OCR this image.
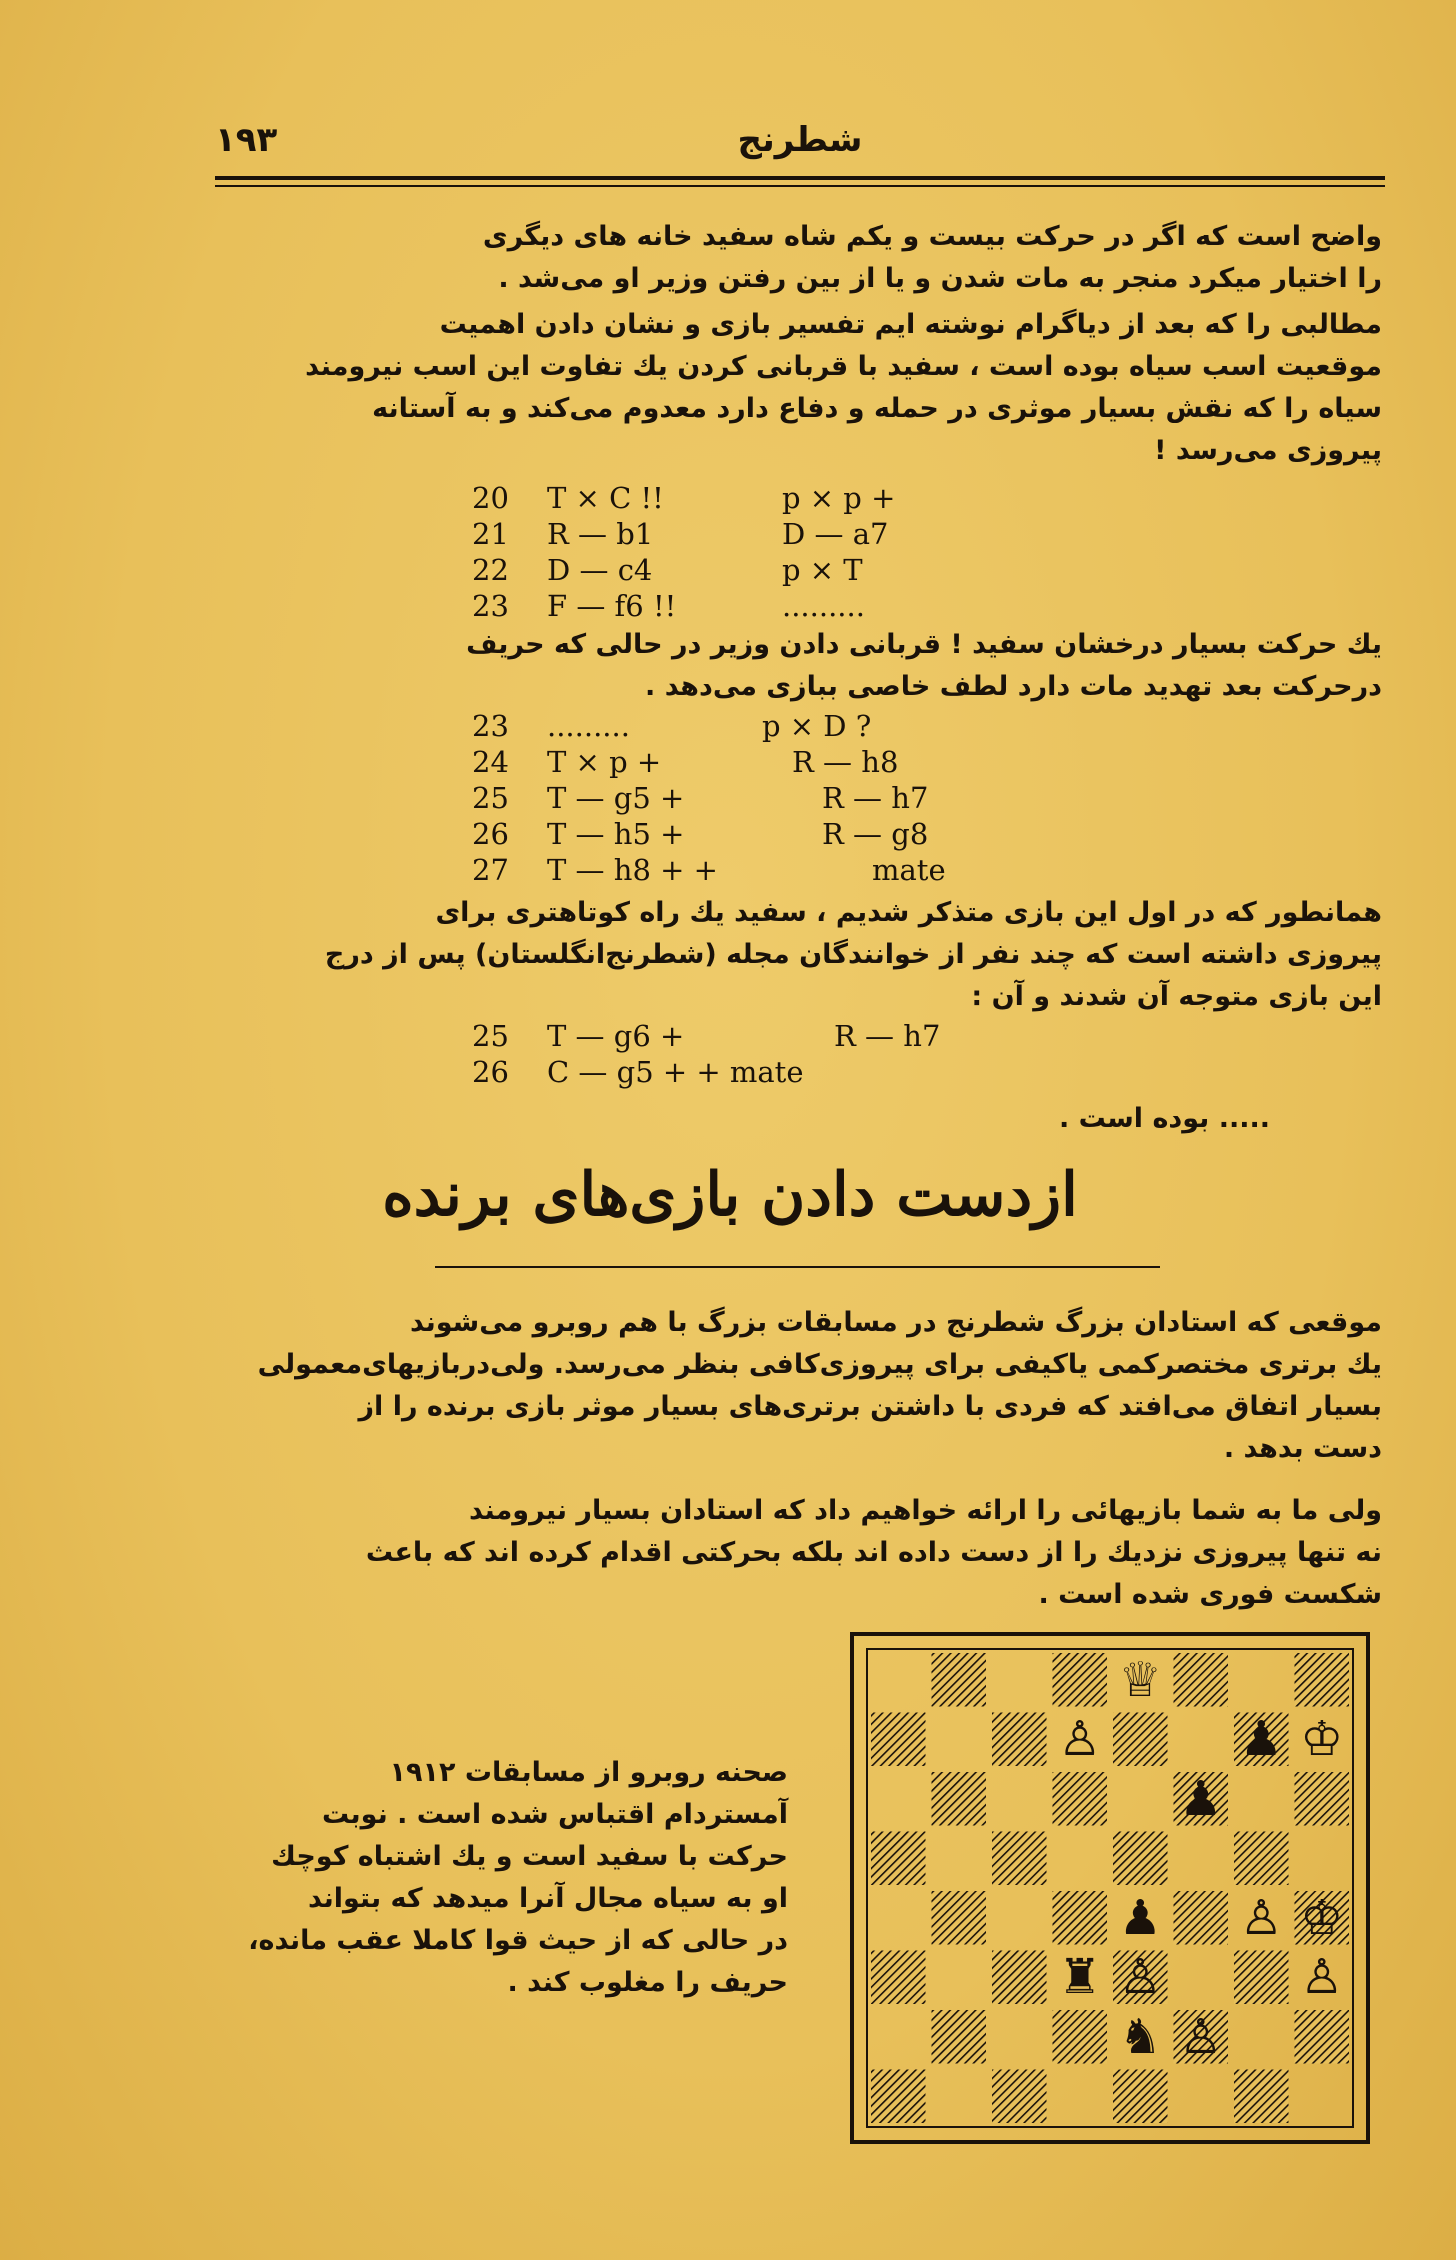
شطرنج
۱۹۳
واضح است که اگر در حرکت بیست و یکم شاه سفید خانه های دیگری
را اختیار میکرد منجر به مات شدن و یا از بین رفتن وزیر او می‌شد .
مطالبی را که بعد از دیاگرام نوشته ایم تفسیر بازی و نشان دادن اهمیت
موقعیت اسب سیاه بوده است ، سفید با قربانی کردن یك تفاوت این اسب نیرومند
سیاه را که نقش بسیار موثری در حمله و دفاع دارد معدوم می‌کند و به آستانه
پیروزی می‌رسد !
20 T × C !!	p × p +
21 R — b1	D — a7
22 D — c4	p × T
23 F — f6 !!	.........
یك حرکت بسیار درخشان سفید ! قربانی دادن وزیر در حالی که حریف
درحرکت بعد تهدید مات دارد لطف خاصی ببازی می‌دهد .
23 .........	p × D ?
24 T × p +	R — h8
25 T — g5 +	R — h7
26 T — h5 +	R — g8
27 T — h8 + +	mate
همانطور که در اول این بازی متذکر شدیم ، سفید یك راه کوتاهتری برای
پیروزی داشته است که چند نفر از خوانندگان مجله (شطرنج‌انگلستان) پس از درج
این بازی متوجه آن شدند و آن :
25 T — g6 +	R — h7
26 C — g5 + + mate
..... بوده است .
ازدست دادن بازی‌های برنده
موقعی که استادان بزرگ شطرنج در مسابقات بزرگ با هم روبرو می‌شوند
یك برتری مختصرکمی یاکیفی برای پیروزی‌کافی بنظر می‌رسد. ولی‌دربازیهای‌معمولی
بسیار اتفاق می‌افتد که فردی با داشتن برتری‌های بسیار موثر بازی برنده را از
دست بدهد .
ولی ما به شما بازیهائی را ارائه خواهیم داد که استادان بسیار نیرومند
نه تنها پیروزی نزدیك را از دست داده اند بلکه بحرکتی اقدام کرده اند که باعث
شکست فوری شده است .
صحنه روبرو از مسابقات ۱۹۱۲
آمستردام اقتباس شده است . نوبت
حرکت با سفید است و یك اشتباه کوچك
او به سیاه مجال آنرا میدهد که بتواند
در حالی که از حیث قوا کاملا عقب مانده،
حریف را مغلوب کند .
♕
♙	♟ ♔
♟
♟ ♙ ♔
♜ ♙	♙
♞ ♙
